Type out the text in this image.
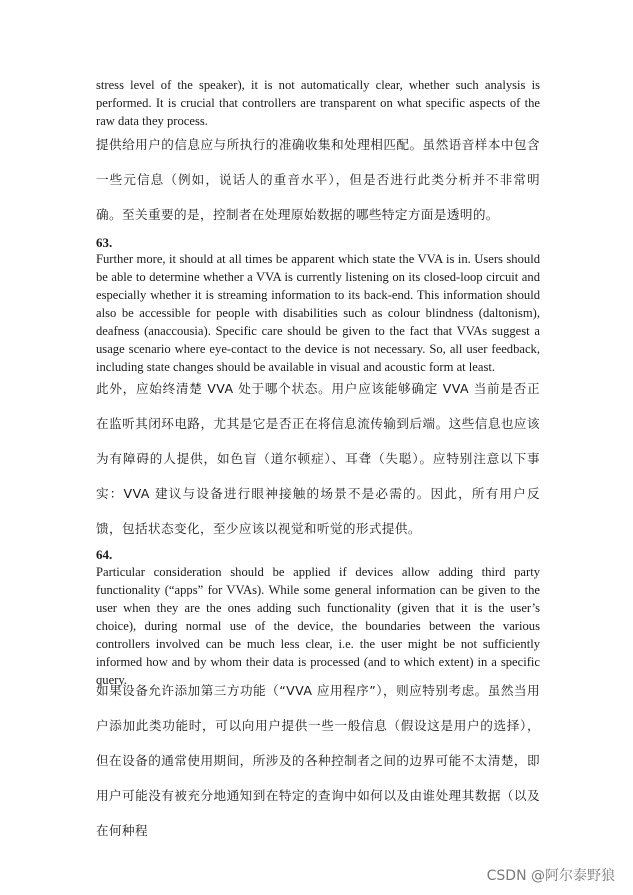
stress level of the speaker), it is not automatically clear, whether such analysis is performed. It is crucial that controllers are transparent on what specific aspects of the raw data they process.

提供给用户的信息应与所执行的准确收集和处理相匹配。虽然语音样本中包含一些元信息（例如，说话人的重音水平），但是否进行此类分析并不非常明确。至关重要的是，控制者在处理原始数据的哪些特定方面是透明的。

63.

Further more, it should at all times be apparent which state the VVA is in. Users should be able to determine whether a VVA is currently listening on its closed-loop circuit and especially whether it is streaming information to its back-end. This information should also be accessible for people with disabilities such as colour blindness (daltonism), deafness (anaccousia). Specific care should be given to the fact that VVAs suggest a usage scenario where eye-contact to the device is not necessary. So, all user feedback, including state changes should be available in visual and acoustic form at least.

此外，应始终清楚 VVA 处于哪个状态。用户应该能够确定 VVA 当前是否正在监听其闭环电路，尤其是它是否正在将信息流传输到后端。这些信息也应该为有障碍的人提供，如色盲（道尔顿症）、耳聋（失聪）。应特别注意以下事实：VVA 建议与设备进行眼神接触的场景不是必需的。因此，所有用户反馈，包括状态变化，至少应该以视觉和听觉的形式提供。

64.

Particular consideration should be applied if devices allow adding third party functionality (“apps” for VVAs). While some general information can be given to the user when they are the ones adding such functionality (given that it is the user’s choice), during normal use of the device, the boundaries between the various controllers involved can be much less clear, i.e. the user might be not sufficiently informed how and by whom their data is processed (and to which extent) in a specific query.

如果设备允许添加第三方功能（“VVA 应用程序”），则应特别考虑。虽然当用户添加此类功能时，可以向用户提供一些一般信息（假设这是用户的选择），但在设备的通常使用期间，所涉及的各种控制者之间的边界可能不太清楚，即用户可能没有被充分地通知到在特定的查询中如何以及由谁处理其数据（以及在何种程

CSDN @阿尔泰野狼
